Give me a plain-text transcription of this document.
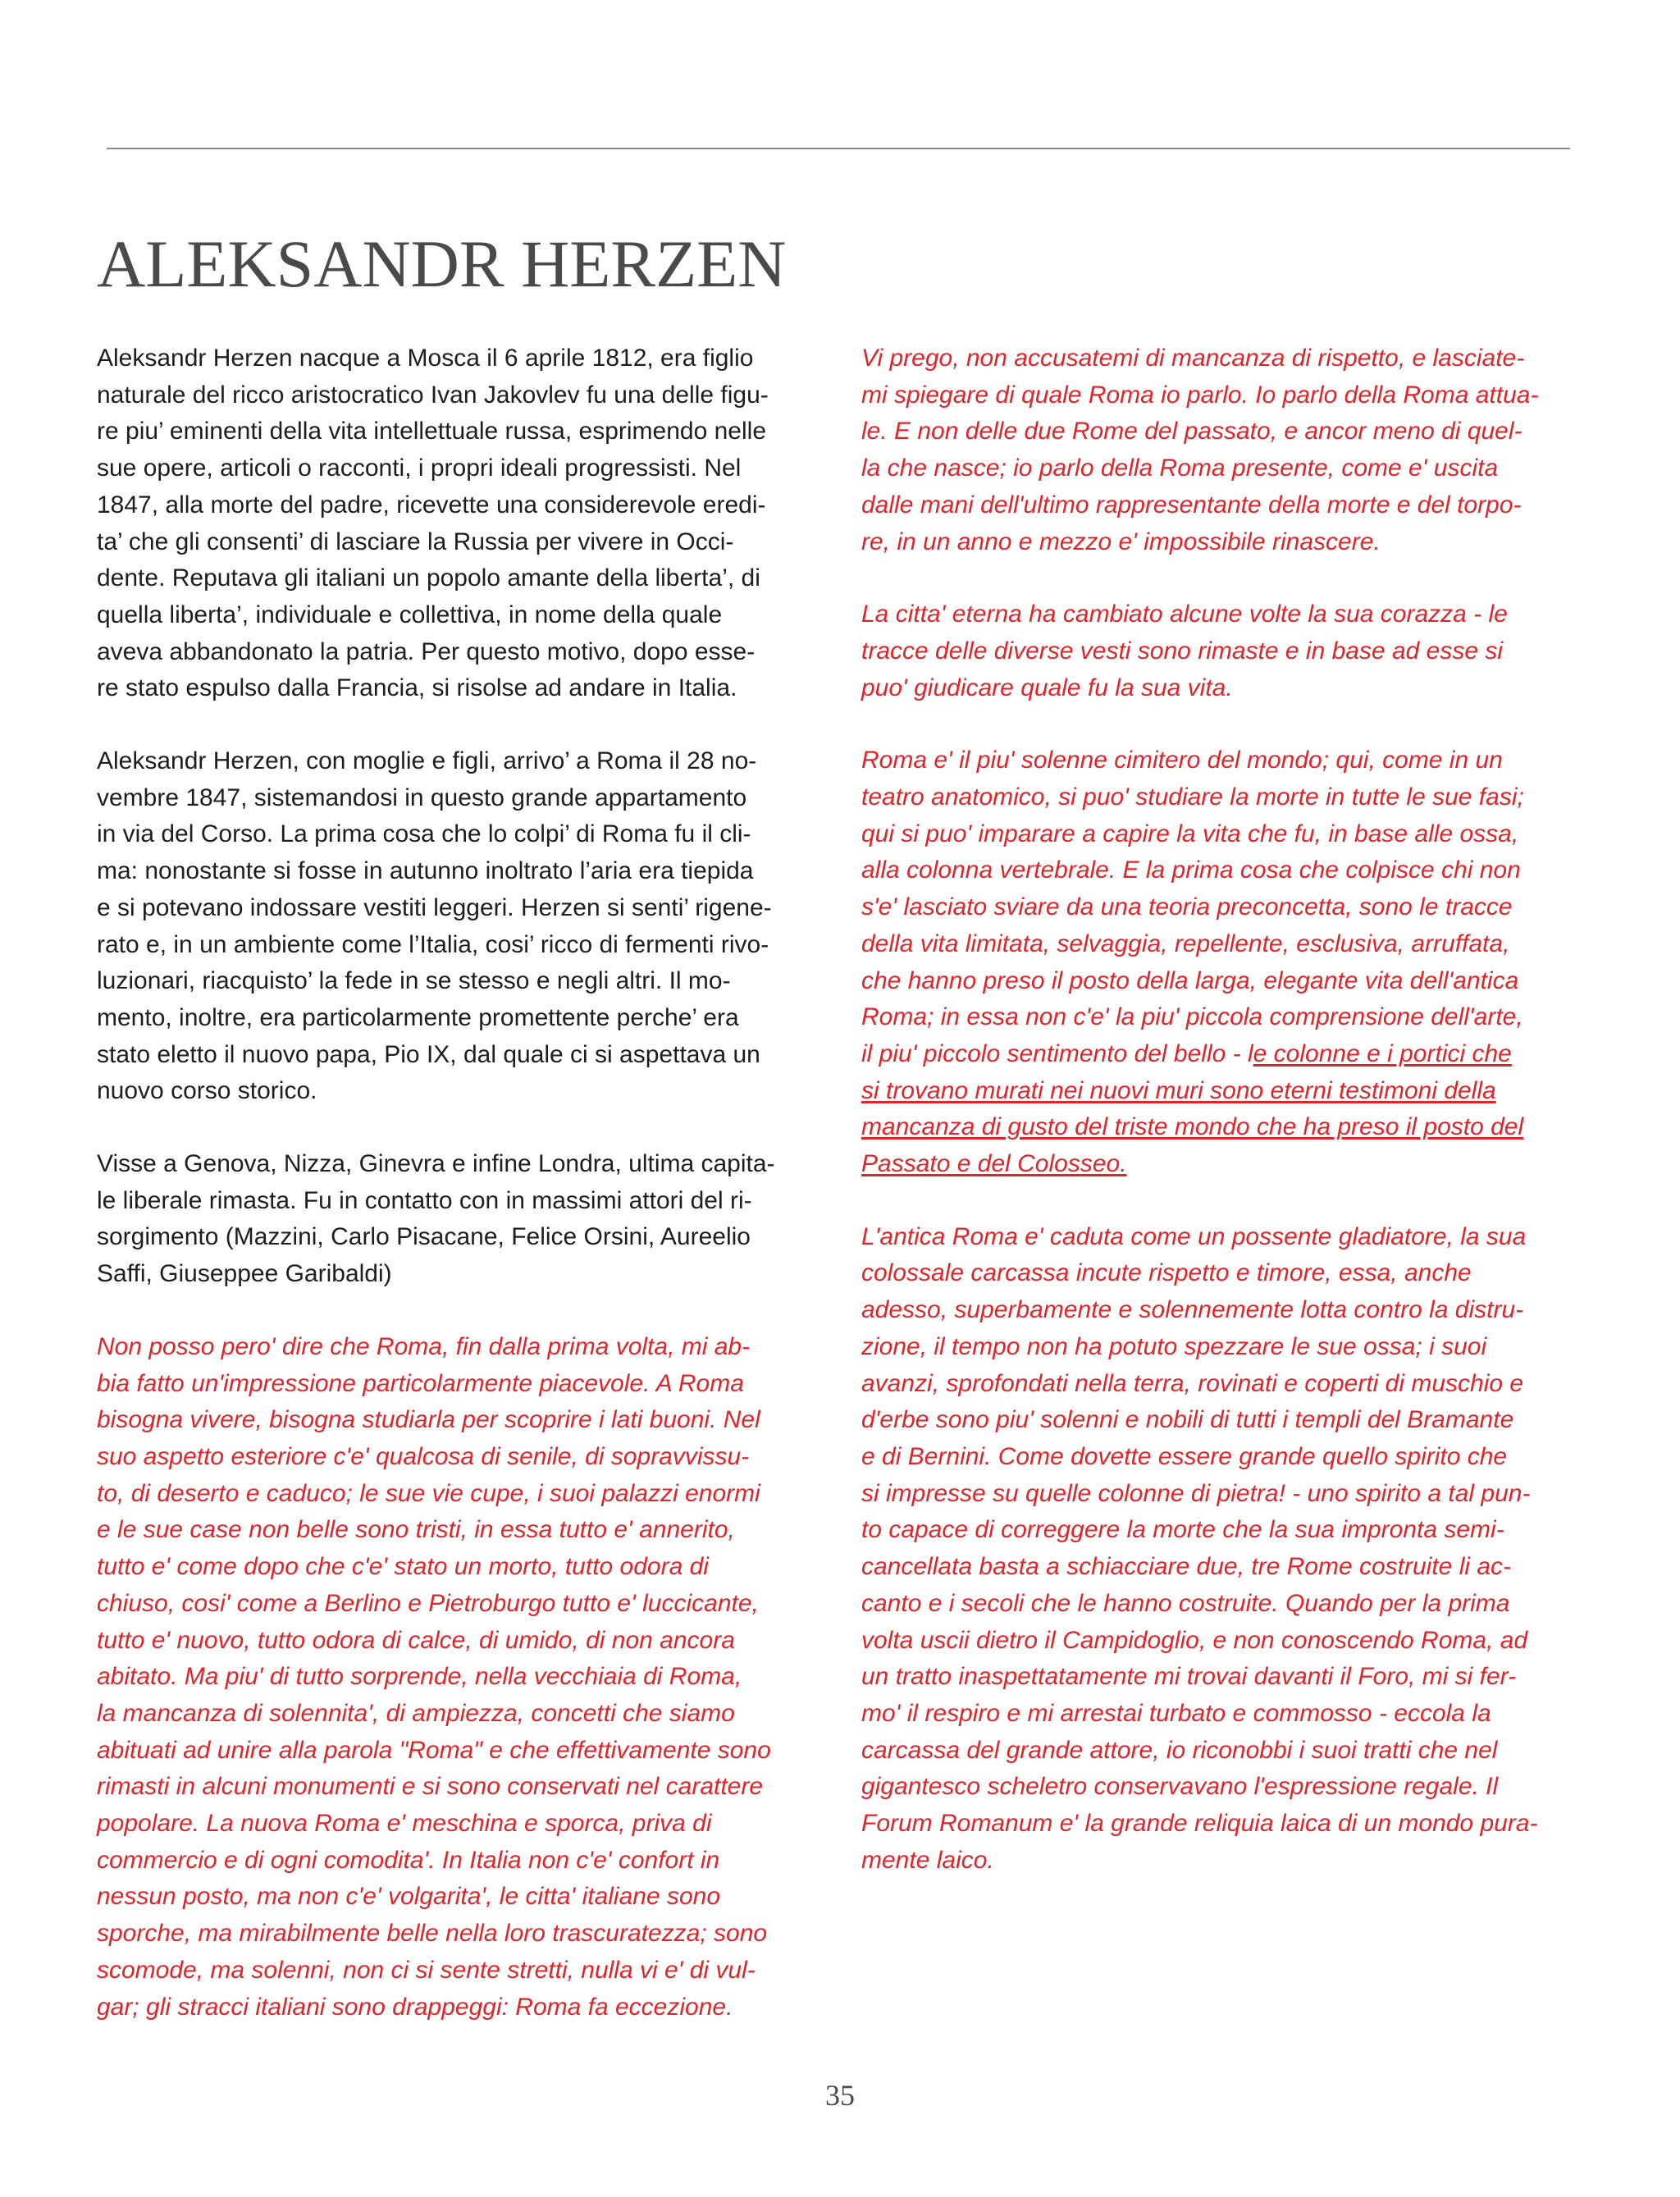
ALEKSANDR HERZEN
Aleksandr Herzen nacque a Mosca il 6 aprile 1812, era figlio
naturale del ricco aristocratico Ivan Jakovlev fu una delle figu-
re piu’ eminenti della vita intellettuale russa, esprimendo nelle
sue opere, articoli o racconti, i propri ideali progressisti. Nel
1847, alla morte del padre, ricevette una considerevole eredi-
ta’ che gli consenti’ di lasciare la Russia per vivere in Occi-
dente. Reputava gli italiani un popolo amante della liberta’, di
quella liberta’, individuale e collettiva, in nome della quale
aveva abbandonato la patria. Per questo motivo, dopo esse-
re stato espulso dalla Francia, si risolse ad andare in Italia.
Aleksandr Herzen, con moglie e figli, arrivo’ a Roma il 28 no-
vembre 1847, sistemandosi in questo grande appartamento
in via del Corso. La prima cosa che lo colpi’ di Roma fu il cli-
ma: nonostante si fosse in autunno inoltrato l’aria era tiepida
e si potevano indossare vestiti leggeri. Herzen si senti’ rigene-
rato e, in un ambiente come l’Italia, cosi’ ricco di fermenti rivo-
luzionari, riacquisto’ la fede in se stesso e negli altri. Il mo-
mento, inoltre, era particolarmente promettente perche’ era
stato eletto il nuovo papa, Pio IX, dal quale ci si aspettava un
nuovo corso storico.
Visse a Genova, Nizza, Ginevra e infine Londra, ultima capita-
le liberale rimasta. Fu in contatto con in massimi attori del ri-
sorgimento (Mazzini, Carlo Pisacane, Felice Orsini, Aureelio
Saffi, Giuseppee Garibaldi)
Non posso pero' dire che Roma, fin dalla prima volta, mi ab-
bia fatto un'impressione particolarmente piacevole. A Roma
bisogna vivere, bisogna studiarla per scoprire i lati buoni. Nel
suo aspetto esteriore c'e' qualcosa di senile, di sopravvissu-
to, di deserto e caduco; le sue vie cupe, i suoi palazzi enormi
e le sue case non belle sono tristi, in essa tutto e' annerito,
tutto e' come dopo che c'e' stato un morto, tutto odora di
chiuso, cosi' come a Berlino e Pietroburgo tutto e' luccicante,
tutto e' nuovo, tutto odora di calce, di umido, di non ancora
abitato. Ma piu' di tutto sorprende, nella vecchiaia di Roma,
la mancanza di solennita', di ampiezza, concetti che siamo
abituati ad unire alla parola "Roma" e che effettivamente sono
rimasti in alcuni monumenti e si sono conservati nel carattere
popolare. La nuova Roma e' meschina e sporca, priva di
commercio e di ogni comodita'. In Italia non c'e' confort in
nessun posto, ma non c'e' volgarita', le citta' italiane sono
sporche, ma mirabilmente belle nella loro trascuratezza; sono
scomode, ma solenni, non ci si sente stretti, nulla vi e' di vul-
gar; gli stracci italiani sono drappeggi: Roma fa eccezione.
Vi prego, non accusatemi di mancanza di rispetto, e lasciate-
mi spiegare di quale Roma io parlo. Io parlo della Roma attua-
le. E non delle due Rome del passato, e ancor meno di quel-
la che nasce; io parlo della Roma presente, come e' uscita
dalle mani dell'ultimo rappresentante della morte e del torpo-
re, in un anno e mezzo e' impossibile rinascere.
La citta' eterna ha cambiato alcune volte la sua corazza - le
tracce delle diverse vesti sono rimaste e in base ad esse si
puo' giudicare quale fu la sua vita.
Roma e' il piu' solenne cimitero del mondo; qui, come in un
teatro anatomico, si puo' studiare la morte in tutte le sue fasi;
qui si puo' imparare a capire la vita che fu, in base alle ossa,
alla colonna vertebrale. E la prima cosa che colpisce chi non
s'e' lasciato sviare da una teoria preconcetta, sono le tracce
della vita limitata, selvaggia, repellente, esclusiva, arruffata,
che hanno preso il posto della larga, elegante vita dell'antica
Roma; in essa non c'e' la piu' piccola comprensione dell'arte,
il piu' piccolo sentimento del bello - le colonne e i portici che
si trovano murati nei nuovi muri sono eterni testimoni della
mancanza di gusto del triste mondo che ha preso il posto del
Passato e del Colosseo.
L'antica Roma e' caduta come un possente gladiatore, la sua
colossale carcassa incute rispetto e timore, essa, anche
adesso, superbamente e solennemente lotta contro la distru-
zione, il tempo non ha potuto spezzare le sue ossa; i suoi
avanzi, sprofondati nella terra, rovinati e coperti di muschio e
d'erbe sono piu' solenni e nobili di tutti i templi del Bramante
e di Bernini. Come dovette essere grande quello spirito che
si impresse su quelle colonne di pietra! - uno spirito a tal pun-
to capace di correggere la morte che la sua impronta semi-
cancellata basta a schiacciare due, tre Rome costruite li ac-
canto e i secoli che le hanno costruite. Quando per la prima
volta uscii dietro il Campidoglio, e non conoscendo Roma, ad
un tratto inaspettatamente mi trovai davanti il Foro, mi si fer-
mo' il respiro e mi arrestai turbato e commosso - eccola la
carcassa del grande attore, io riconobbi i suoi tratti che nel
gigantesco scheletro conservavano l'espressione regale. Il
Forum Romanum e' la grande reliquia laica di un mondo pura-
mente laico.
35
